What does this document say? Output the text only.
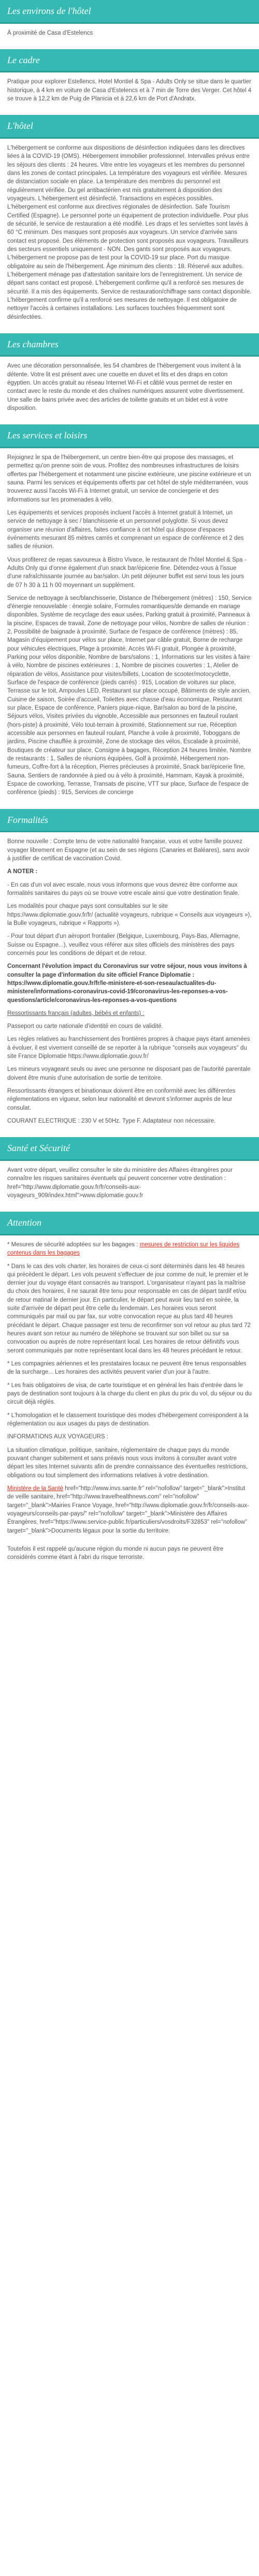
Les environs de l'hôtel

À proximité de Casa d'Estelencs

Le cadre

Pratique pour explorer Estellencs, Hotel Montiel & Spa - Adults Only se situe dans le quartier historique, à 4 km en voiture de Casa d'Estelencs et à 7 min de Torre des Verger. Cet hôtel 4 se trouve à 12,2 km de Puig de Planicia et à 22,6 km de Port d'Andratx.

L'hôtel

L'hébergement se conforme aux dispositions de désinfection indiquées dans les directives liées à la COVID-19 (OMS). Hébergement immobilier professionnel. Intervalles prévus entre les séjours des clients : 24 heures. Vitre entre les voyageurs et les membres du personnel dans les zones de contact principales. La température des voyageurs est vérifiée. Mesures de distanciation sociale en place. La température des membres du personnel est régulièrement vérifiée. Du gel antibactérien est mis gratuitement à disposition des voyageurs. L'hébergement est désinfecté. Transactions en espèces possibles. L'hébergement est conforme aux directives régionales de désinfection. Safe Tourism Certified (Espagne). Le personnel porte un équipement de protection individuelle. Pour plus de sécurité, le service de restauration a été modifié. Les draps et les serviettes sont lavés à 60 °C minimum. Des masques sont proposés aux voyageurs. Un service d'arrivée sans contact est proposé. Des éléments de protection sont proposés aux voyageurs. Travailleurs des secteurs essentiels uniquement - NON. Des gants sont proposés aux voyageurs. L'hébergement ne propose pas de test pour la COVID-19 sur place. Port du masque obligatoire au sein de l'hébergement. Âge minimum des clients : 18. Réservé aux adultes. L'hébergement ménage pas d'attestation sanitaire lors de l'enregistrement. Un service de départ sans contact est proposé. L'hébergement confirme qu'il a renforcé ses mesures de sécurité. Il a mis des équipements. Service de restauration/chiffrage sans contact disponible. L'hébergement confirme qu'il a renforcé ses mesures de nettoyage. Il est obligatoire de nettoyer l'accès à certaines installations. Les surfaces touchées fréquemment sont désinfectées.

Les chambres

Avec une décoration personnalisée, les 54 chambres de l'hébergement vous invitent à la détente. Votre lit est présent avec une couette en duvet et lits et des draps en coton égyptien. Un accès gratuit au réseau Internet Wi-Fi et câblé vous permet de rester en contact avec le reste du monde et des chaînes numériques assurent votre divertissement. Une salle de bains privée avec des articles de toilette gratuits et un bidet est à votre disposition.

Les services et loisirs

Rejoignez le spa de l'hébergement, un centre bien-être qui propose des massages, et permettez qu'on prenne soin de vous. Profitez des nombreuses infrastructures de loisirs offertes par l'hébergement et notamment une piscine extérieure, une piscine extérieure et un sauna. Parmi les services et équipements offerts par cet hôtel de style méditerranéen, vous trouverez aussi l'accès Wi-Fi à Internet gratuit, un service de conciergerie et des informations sur les promenades à vélo.

Les équipements et services proposés incluent l'accès à Internet gratuit à Internet, un service de nettoyage à sec / blanchisserie et un personnel polyglotte. Si vous devez organiser une réunion d'affaires, faites confiance à cet hôtel qui dispose d'espaces événements mesurant 85 mètres carrés et comprenant un espace de conférence et 2 des salles de réunion.

Vous profiterez de repas savoureux à Bistro Vivace, le restaurant de l'hôtel Montiel & Spa - Adults Only qui d'onne également d'un snack bar/épicerie fine. Détendez-vous à l'issue d'une rafraîchissante journée au bar/salon. Un petit déjeuner buffet est servi tous les jours de 07 h 30 à 11 h 00 moyennant un supplément.

Service de nettoyage à sec/blanchisserie, Distance de l'hébergement (mètres) : 150, Service d'énergie renouvelable : énergie solaire, Formules romantiques/de demande en mariage disponibles, Système de recyclage des eaux usées, Parking gratuit à proximité, Panneaux à la piscine, Espaces de travail, Zone de nettoyage pour vélos, Nombre de salles de réunion : 2, Possibilité de baignade à proximité, Surface de l'espace de conférence (mètres) : 85, Magasin d'équipement pour vélos sur place, Internet par câble gratuit, Borne de recharge pour véhicules électriques, Plage à proximité, Accès Wi-Fi gratuit, Plongée à proximité, Parking pour vélos disponible, Nombre de bars/salons : 1, Informations sur les visites à faire à vélo, Nombre de piscines extérieures : 1, Nombre de piscines couvertes : 1, Atelier de réparation de vélos, Assistance pour visites/billets, Location de scooter/motocyclette, Surface de l'espace de conférence (pieds carrés) : 915, Location de voitures sur place, Terrasse sur le toit, Ampoules LED, Restaurant sur place occupé, Bâtiments de style ancien, Cuisine de saison, Soirée d'accueil, Toilettes avec chasse d'eau économique, Restaurant sur place, Espace de conférence, Paniers pique-nique, Bar/salon au bord de la piscine, Séjours vélos, Visites privées du vignoble, Accessible aux personnes en fauteuil roulant (hors-piste) à proximité, Vélo tout-terrain à proximité, Stationnement sur rue, Réception accessible aux personnes en fauteuil roulant, Planche à voile à proximité, Toboggans de jardins, Piscine chauffée à proximité, Zone de stockage des vélos, Escalade à proximité, Boutiques de créateur sur place, Consigne à bagages, Réception 24 heures limitée, Nombre de restaurants : 1, Salles de réunions équipées, Golf à proximité, Hébergement non-fumeurs, Coffre-fort à la réception, Pierres précieuses à proximité, Snack bar/épicerie fine, Sauna, Sentiers de randonnée à pied ou à vélo à proximité, Hammam, Kayak à proximité, Espace de coworking, Terrasse, Transats de piscine, VTT sur place, Surface de l'espace de conférence (pieds) : 915, Services de concierge

Formalités

Bonne nouvelle : Compte tenu de votre nationalité française, vous et votre famille pouvez voyager librement en Espagne (et au sein de ses régions (Canaries et Baléares), sans avoir à justifier de certificat de vaccination Covid.

A NOTER :

- En cas d'un vol avec escale, nous vous informons que vous devrez être conforme aux formalités sanitaires du pays où se trouve votre escale ainsi que votre destination finale.

Les modalités pour chaque pays sont consultables sur le site https://www.diplomatie.gouv.fr/fr/ (actualité voyageurs, rubrique « Conseils aux voyageurs »), la Bulle voyageurs, rubrique « Rapports »).

- Pour tout départ d'un aéroport frontalier (Belgique, Luxembourg, Pays-Bas, Allemagne, Suisse ou Espagne...), veuillez vous référer aux sites officiels des ministères des pays concernés pour les conditions de départ et de retour.

Concernant l'évolution impact du Coronavirus sur votre séjour, nous vous invitons à consulter la page d'information du site officiel France Diplomatie : https://www.diplomatie.gouv.fr/fr/le-ministere-et-son-reseau/actualites-du-ministere/informations-coronavirus-covid-19/coronavirus-les-reponses-a-vos-questions/article/coronavirus-les-reponses-a-vos-questions

Ressortissants français (adultes, bébés et enfants) :

Passeport ou carte nationale d'identité en cours de validité.

Les règles relatives au franchissement des frontières propres à chaque pays étant amenées à évoluer, il est vivement conseillé de se reporter à la rubrique "conseils aux voyageurs" du site France Diplomatie https://www.diplomatie.gouv.fr/

Les mineurs voyageant seuls ou avec une personne ne disposant pas de l'autorité parentale doivent être munis d'une autorisation de sortie de territoire.

Ressortissants étrangers et binationaux doivent être en conformité avec les différentes réglementations en vigueur, selon leur nationalité et devront s'informer auprès de leur consulat.

COURANT ELECTRIQUE : 230 V et 50Hz. Type F. Adaptateur non nécessaire.

Santé et Sécurité

Avant votre départ, veuillez consulter le site du ministère des Affaires étrangères pour connaître les risques sanitaires éventuels qui peuvent concerner votre destination : href="http://www.diplomatie.gouv.fr/fr/conseils-aux-voyageurs_909/index.html">www.diplomatie.gouv.fr

Attention

* Mesures de sécurité adoptées sur les bagages : mesures de restriction sur les liquides contenus dans les bagages

* Dans le cas des vols charter, les horaires de ceux-ci sont déterminés dans les 48 heures qui précèdent le départ. Les vols peuvent s'effectuer de jour comme de nuit, le premier et le dernier jour du voyage étant consacrés au transport. L'organisateur n'ayant pas la maîtrise du choix des horaires, il ne saurait être tenu pour responsable en cas de départ tardif et/ou de retour matinal le dernier jour. En particulier, le départ peut avoir lieu tard en soirée, la suite d'arrivée de départ peut être celle du lendemain. Les horaires vous seront communiqués par mail ou par fax, sur votre convocation reçue au plus tard 48 heures précédant le départ. Chaque passager est tenu de reconfirmer son vol retour au plus tard 72 heures avant son retour au numéro de téléphone se trouvant sur son billet ou sur sa convocation ou auprès de notre représentant local. Les horaires de retour définitifs vous seront communiqués par notre représentant local dans les 48 heures précédant le retour.

* Les compagnies aériennes et les prestataires locaux ne peuvent être tenus responsables de la surcharge... Les horaires des activités peuvent varier d'un jour à l'autre.

* Les frais obligatoires de visa, de carte touristique et en général les frais d'entrée dans le pays de destination sont toujours à la charge du client en plus du prix du vol, du séjour ou du circuit déjà réglés.

* L'homologation et le classement touristique des modes d'hébergement correspondent à la réglementation ou aux usages du pays de destination.

INFORMATIONS AUX VOYAGEURS :

La situation climatique, politique, sanitaire, réglementaire de chaque pays du monde pouvant changer subitement et sans préavis nous vous invitons à consulter avant votre départ les sites Internet suivants afin de prendre connaissance des éventuelles restrictions, obligations ou tout simplement des informations relatives à votre destination.

Ministère de la Santé href="http://www.invs.sante.fr" rel="nofollow" target="_blank">Institut de veille sanitaire, href="http://www.travelhealthnews.com" rel="nofollow" target="_blank">Mairies France Voyage, href="http://www.diplomatie.gouv.fr/fr/conseils-aux-voyageurs/conseils-par-pays/" rel="nofollow" target="_blank">Ministère des Affaires Étrangères, href="https://www.service-public.fr/particuliers/vosdroits/F32853" rel="nofollow" target="_blank">Documents légaux pour la sortie du territoire.

Toutefois il est rappelé qu'aucune région du monde ni aucun pays ne peuvent être considérés comme étant à l'abri du risque terroriste.
